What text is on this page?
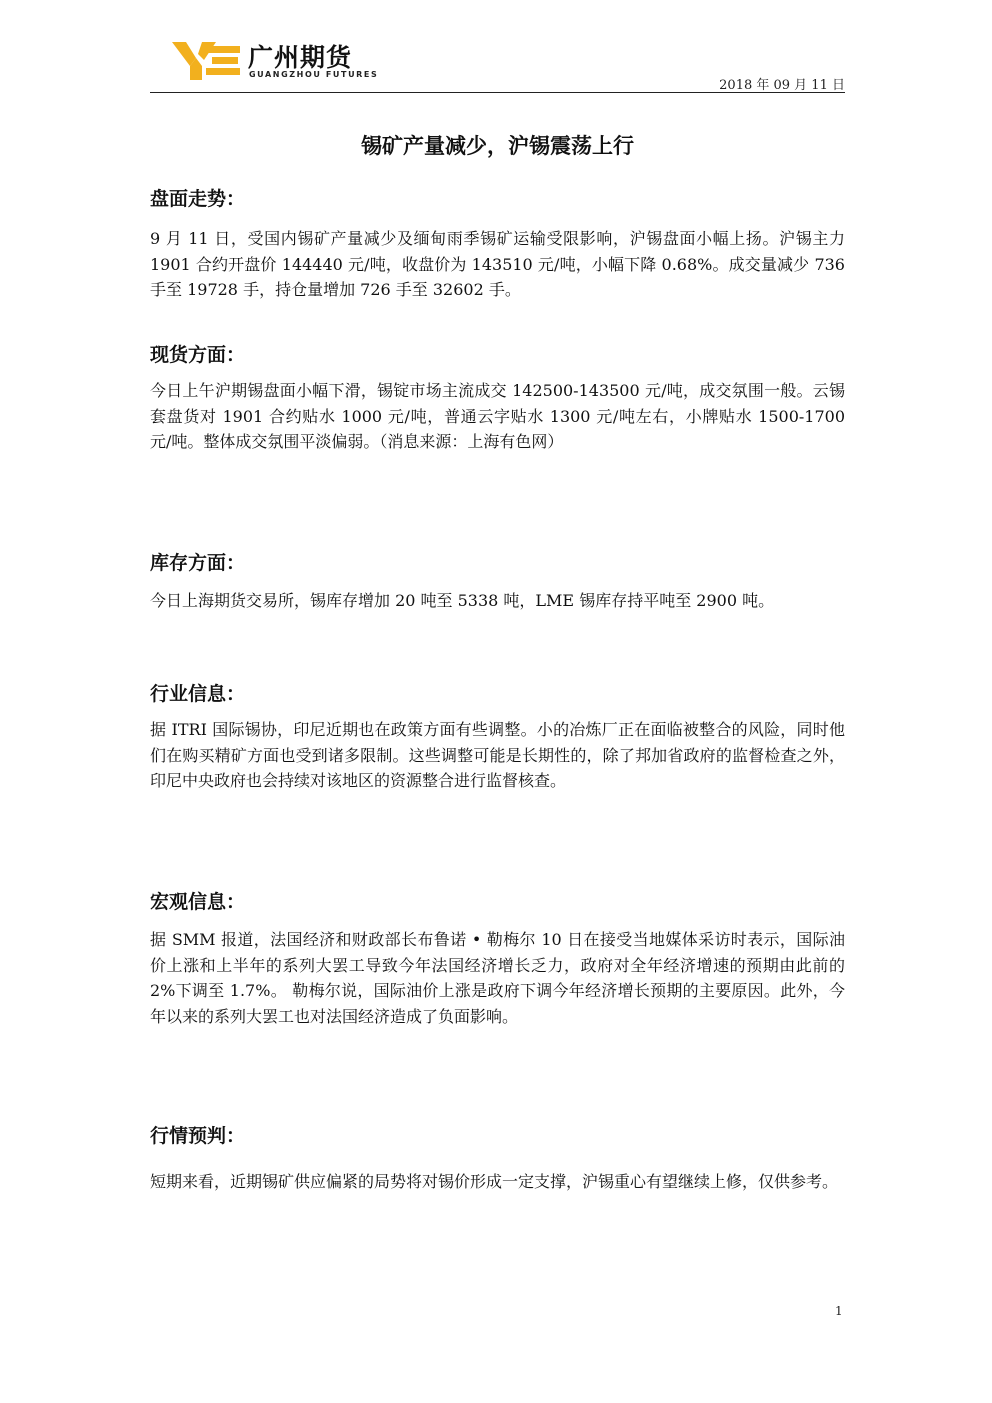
广州期货
GUANGZHOU FUTURES
2018 年 09 月 11 日
锡矿产量减少，沪锡震荡上行
盘面走势：

9 月 11 日，受国内锡矿产量减少及缅甸雨季锡矿运输受限影响，沪锡盘面小幅上扬。沪锡主力 1901 合约开盘价 144440 元/吨，收盘价为 143510 元/吨，小幅下降 0.68%。成交量减少 736 手至 19728 手，持仓量增加 726 手至 32602 手。

现货方面：

今日上午沪期锡盘面小幅下滑，锡锭市场主流成交 142500-143500 元/吨，成交氛围一般。云锡套盘货对 1901 合约贴水 1000 元/吨，普通云字贴水 1300 元/吨左右，小牌贴水 1500-1700 元/吨。整体成交氛围平淡偏弱。（消息来源：上海有色网）

库存方面：

今日上海期货交易所，锡库存增加 20 吨至 5338 吨，LME 锡库存持平吨至 2900 吨。

行业信息：

据 ITRI 国际锡协，印尼近期也在政策方面有些调整。小的冶炼厂正在面临被整合的风险，同时他们在购买精矿方面也受到诸多限制。这些调整可能是长期性的，除了邦加省政府的监督检查之外，印尼中央政府也会持续对该地区的资源整合进行监督核查。

宏观信息：

据 SMM 报道，法国经济和财政部长布鲁诺 • 勒梅尔 10 日在接受当地媒体采访时表示，国际油价上涨和上半年的系列大罢工导致今年法国经济增长乏力，政府对全年经济增速的预期由此前的 2%下调至 1.7%。 勒梅尔说，国际油价上涨是政府下调今年经济增长预期的主要原因。此外，今年以来的系列大罢工也对法国经济造成了负面影响。

行情预判：

短期来看，近期锡矿供应偏紧的局势将对锡价形成一定支撑，沪锡重心有望继续上修，仅供参考。

1
